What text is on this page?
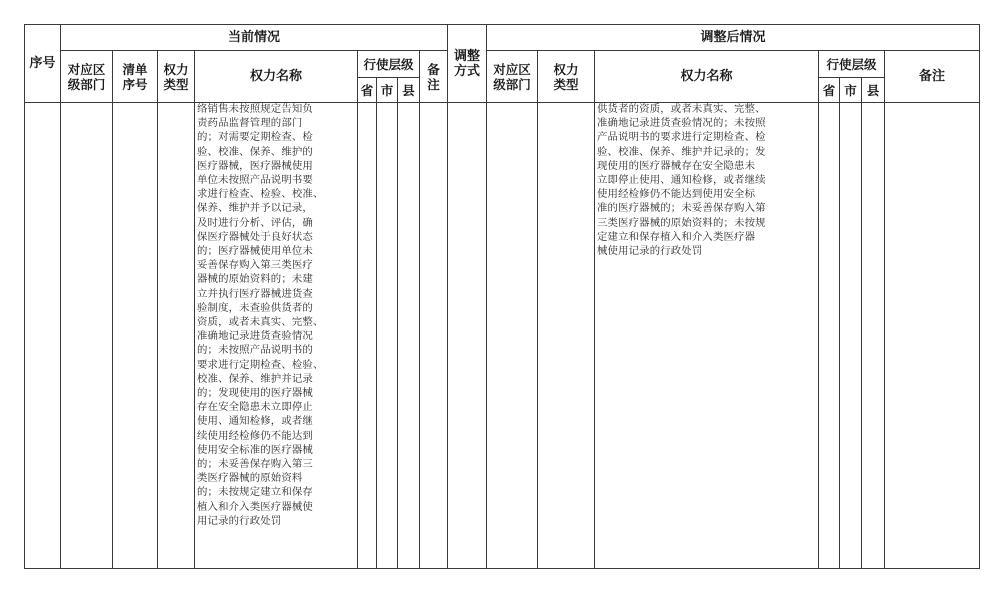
序号
当前情况
调整
方式
调整后情况
对应区
级部门
清单
序号
权力
类型	权力名称
行使层级
省 市 县
备
注
对应区
级部门
权力
类型	权力名称
行使层级
省 市 县
备注
络销售未按照规定告知负
责药品监督管理的部门
的；对需要定期检查、检
验、校准、保养、维护的
医疗器械，医疗器械使用
单位未按照产品说明书要
求进行检查、检验、校准、
保养、维护并予以记录，
及时进行分析、评估，确
保医疗器械处于良好状态
的；医疗器械使用单位未
妥善保存购入第三类医疗
器械的原始资料的；未建
立并执行医疗器械进货查
验制度，未查验供货者的
资质，或者未真实、完整、
准确地记录进货查验情况
的；未按照产品说明书的
要求进行定期检查、检验、
校准、保养、维护并记录
的；发现使用的医疗器械
存在安全隐患未立即停止
使用、通知检修，或者继
续使用经检修仍不能达到
使用安全标准的医疗器械
的；未妥善保存购入第三
类医疗器械的原始资料
的；未按规定建立和保存
植入和介入类医疗器械使
用记录的行政处罚
供货者的资质，或者未真实、完整、
准确地记录进货查验情况的；未按照
产品说明书的要求进行定期检查、检
验、校准、保养、维护并记录的；发
现使用的医疗器械存在安全隐患未
立即停止使用、通知检修，或者继续
使用经检修仍不能达到使用安全标
准的医疗器械的；未妥善保存购入第
三类医疗器械的原始资料的；未按规
定建立和保存植入和介入类医疗器
械使用记录的行政处罚
